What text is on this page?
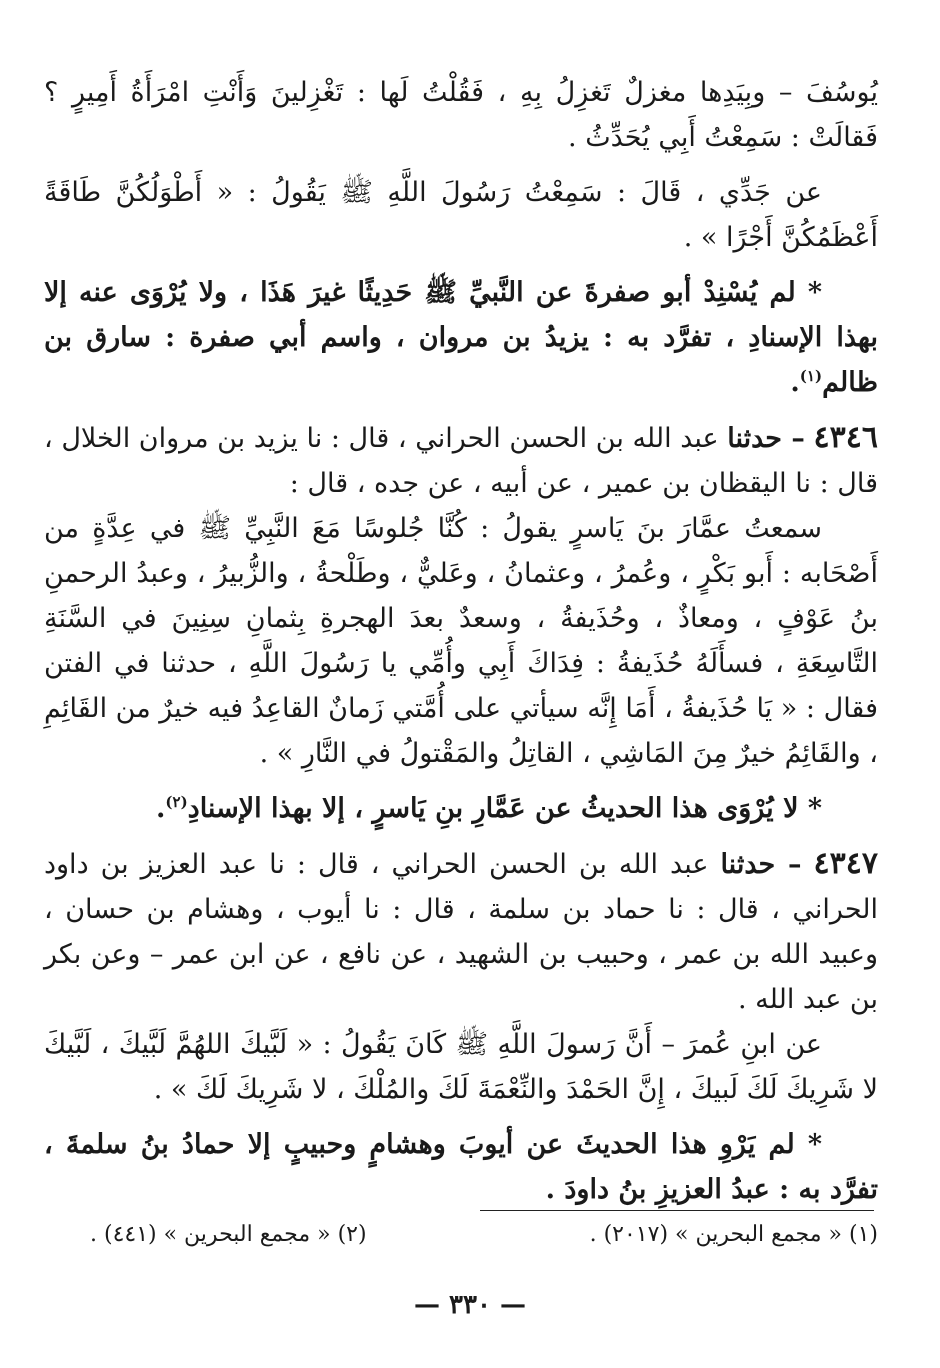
يُوسُفَ – وبِيَدِها مغزلٌ تَغزِلُ بِهِ ، فَقُلْتُ لَها : تَغْزِلينَ وَأَنْتِ امْرَأَةُ أَمِيرٍ ؟ فَقالَتْ : سَمِعْتُ أَبِي يُحَدِّثُ .

عن جَدِّي ، قَالَ : سَمِعْتُ رَسُولَ اللَّهِ ﷺ يَقُولُ : « أَطْوَلُكُنَّ طَاقَةً أَعْظَمُكُنَّ أَجْرًا » .

* لم يُسْنِدْ أبو صفرةَ عن النَّبيِّ ﷺ حَدِيثًا غيرَ هَذَا ، ولا يُرْوَى عنه إلا بهذا الإسنادِ ، تفرَّد به : يزيدُ بن مروان ، واسم أبي صفرة : سارق بن ظالم$^{(١)}$.

٤٣٤٦ – حدثنا عبد الله بن الحسن الحراني ، قال : نا يزيد بن مروان الخلال ، قال : نا اليقظان بن عمير ، عن أبيه ، عن جده ، قال :

سمعتُ عمَّارَ بنَ يَاسرٍ يقولُ : كُنَّا جُلوسًا مَعَ النَّبِيِّ ﷺ في عِدَّةٍ من أَصْحَابه : أَبو بَكْرٍ ، وعُمرُ ، وعثمانُ ، وعَليٌّ ، وطَلْحةُ ، والزُّبيرُ ، وعبدُ الرحمنِ بنُ عَوْفٍ ، ومعاذٌ ، وحُذَيفةُ ، وسعدٌ بعدَ الهجرةِ بِثمانِ سِنِينَ في السَّنَةِ التَّاسِعَةِ ، فسأَلَهُ حُذَيفةُ : فِدَاكَ أَبِي وأُمِّي يا رَسُولَ اللَّهِ ، حدثنا في الفتن فقال : « يَا حُذَيفةُ ، أَمَا إِنَّه سيأتي على أُمَّتي زَمانٌ القاعِدُ فيه خيرٌ من القَائِمِ ، والقَائِمُ خيرٌ مِنَ المَاشِي ، القاتِلُ والمَقْتولُ في النَّارِ » .

* لا يُرْوَى هذا الحديثُ عن عَمَّارِ بنِ يَاسرٍ ، إلا بهذا الإسنادِ$^{(٢)}$.

٤٣٤٧ – حدثنا عبد الله بن الحسن الحراني ، قال : نا عبد العزيز بن داود الحراني ، قال : نا حماد بن سلمة ، قال : نا أيوب ، وهشام بن حسان ، وعبيد الله بن عمر ، وحبيب بن الشهيد ، عن نافع ، عن ابن عمر – وعن بكر بن عبد الله .

عن ابنِ عُمرَ – أَنَّ رَسولَ اللَّهِ ﷺ كَانَ يَقُولُ : « لَبَّيكَ اللهُمَّ لَبَّيكَ ، لَبَّيكَ لا شَرِيكَ لَكَ لَبيكَ ، إِنَّ الحَمْدَ والنِّعْمَةَ لَكَ والمُلْكَ ، لا شَرِيكَ لَكَ » .

* لم يَرْوِ هذا الحديثَ عن أيوبَ وهشامٍ وحبيبٍ إلا حمادُ بنُ سلمةَ ، تفرَّد به : عبدُ العزيزِ بنُ داودَ .

(١) « مجمع البحرين » (٢٠١٧) .
(٢) « مجمع البحرين » (٤٤١) .
— ٣٣٠ —
